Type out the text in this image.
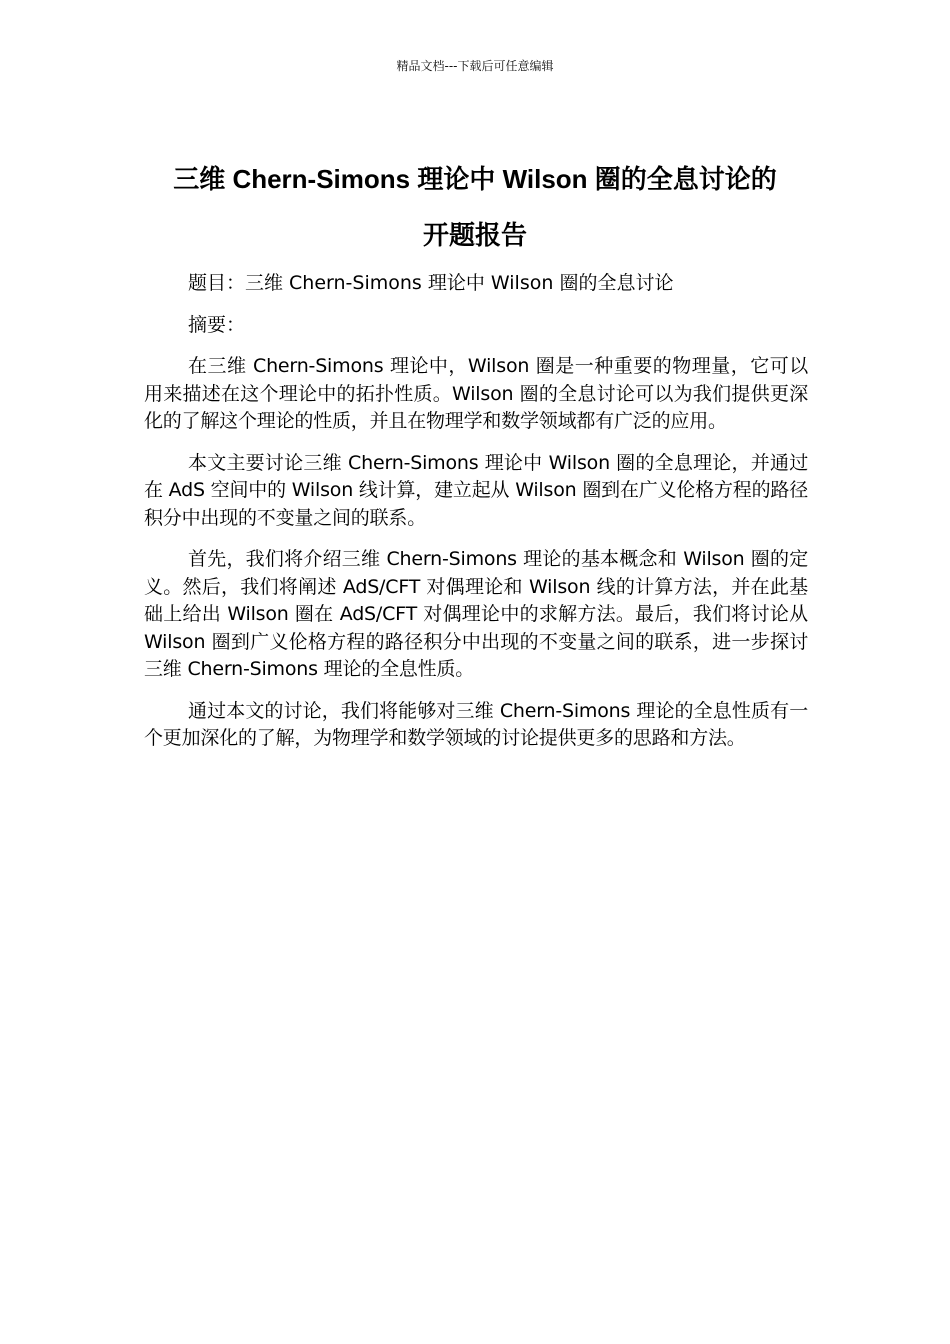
精品文档---下载后可任意编辑
三维 Chern-Simons 理论中 Wilson 圈的全息讨论的
开题报告

题目：三维 Chern-Simons 理论中 Wilson 圈的全息讨论

摘要：

在三维 Chern-Simons 理论中，Wilson 圈是一种重要的物理量，它可以用来描述在这个理论中的拓扑性质。Wilson 圈的全息讨论可以为我们提供更深化的了解这个理论的性质，并且在物理学和数学领域都有广泛的应用。

本文主要讨论三维 Chern-Simons 理论中 Wilson 圈的全息理论，并通过在 AdS 空间中的 Wilson 线计算，建立起从 Wilson 圈到在广义伦格方程的路径积分中出现的不变量之间的联系。

首先，我们将介绍三维 Chern-Simons 理论的基本概念和 Wilson 圈的定义。然后，我们将阐述 AdS/CFT 对偶理论和 Wilson 线的计算方法，并在此基础上给出 Wilson 圈在 AdS/CFT 对偶理论中的求解方法。最后，我们将讨论从 Wilson 圈到广义伦格方程的路径积分中出现的不变量之间的联系，进一步探讨三维 Chern-Simons 理论的全息性质。

通过本文的讨论，我们将能够对三维 Chern-Simons 理论的全息性质有一个更加深化的了解，为物理学和数学领域的讨论提供更多的思路和方法。
